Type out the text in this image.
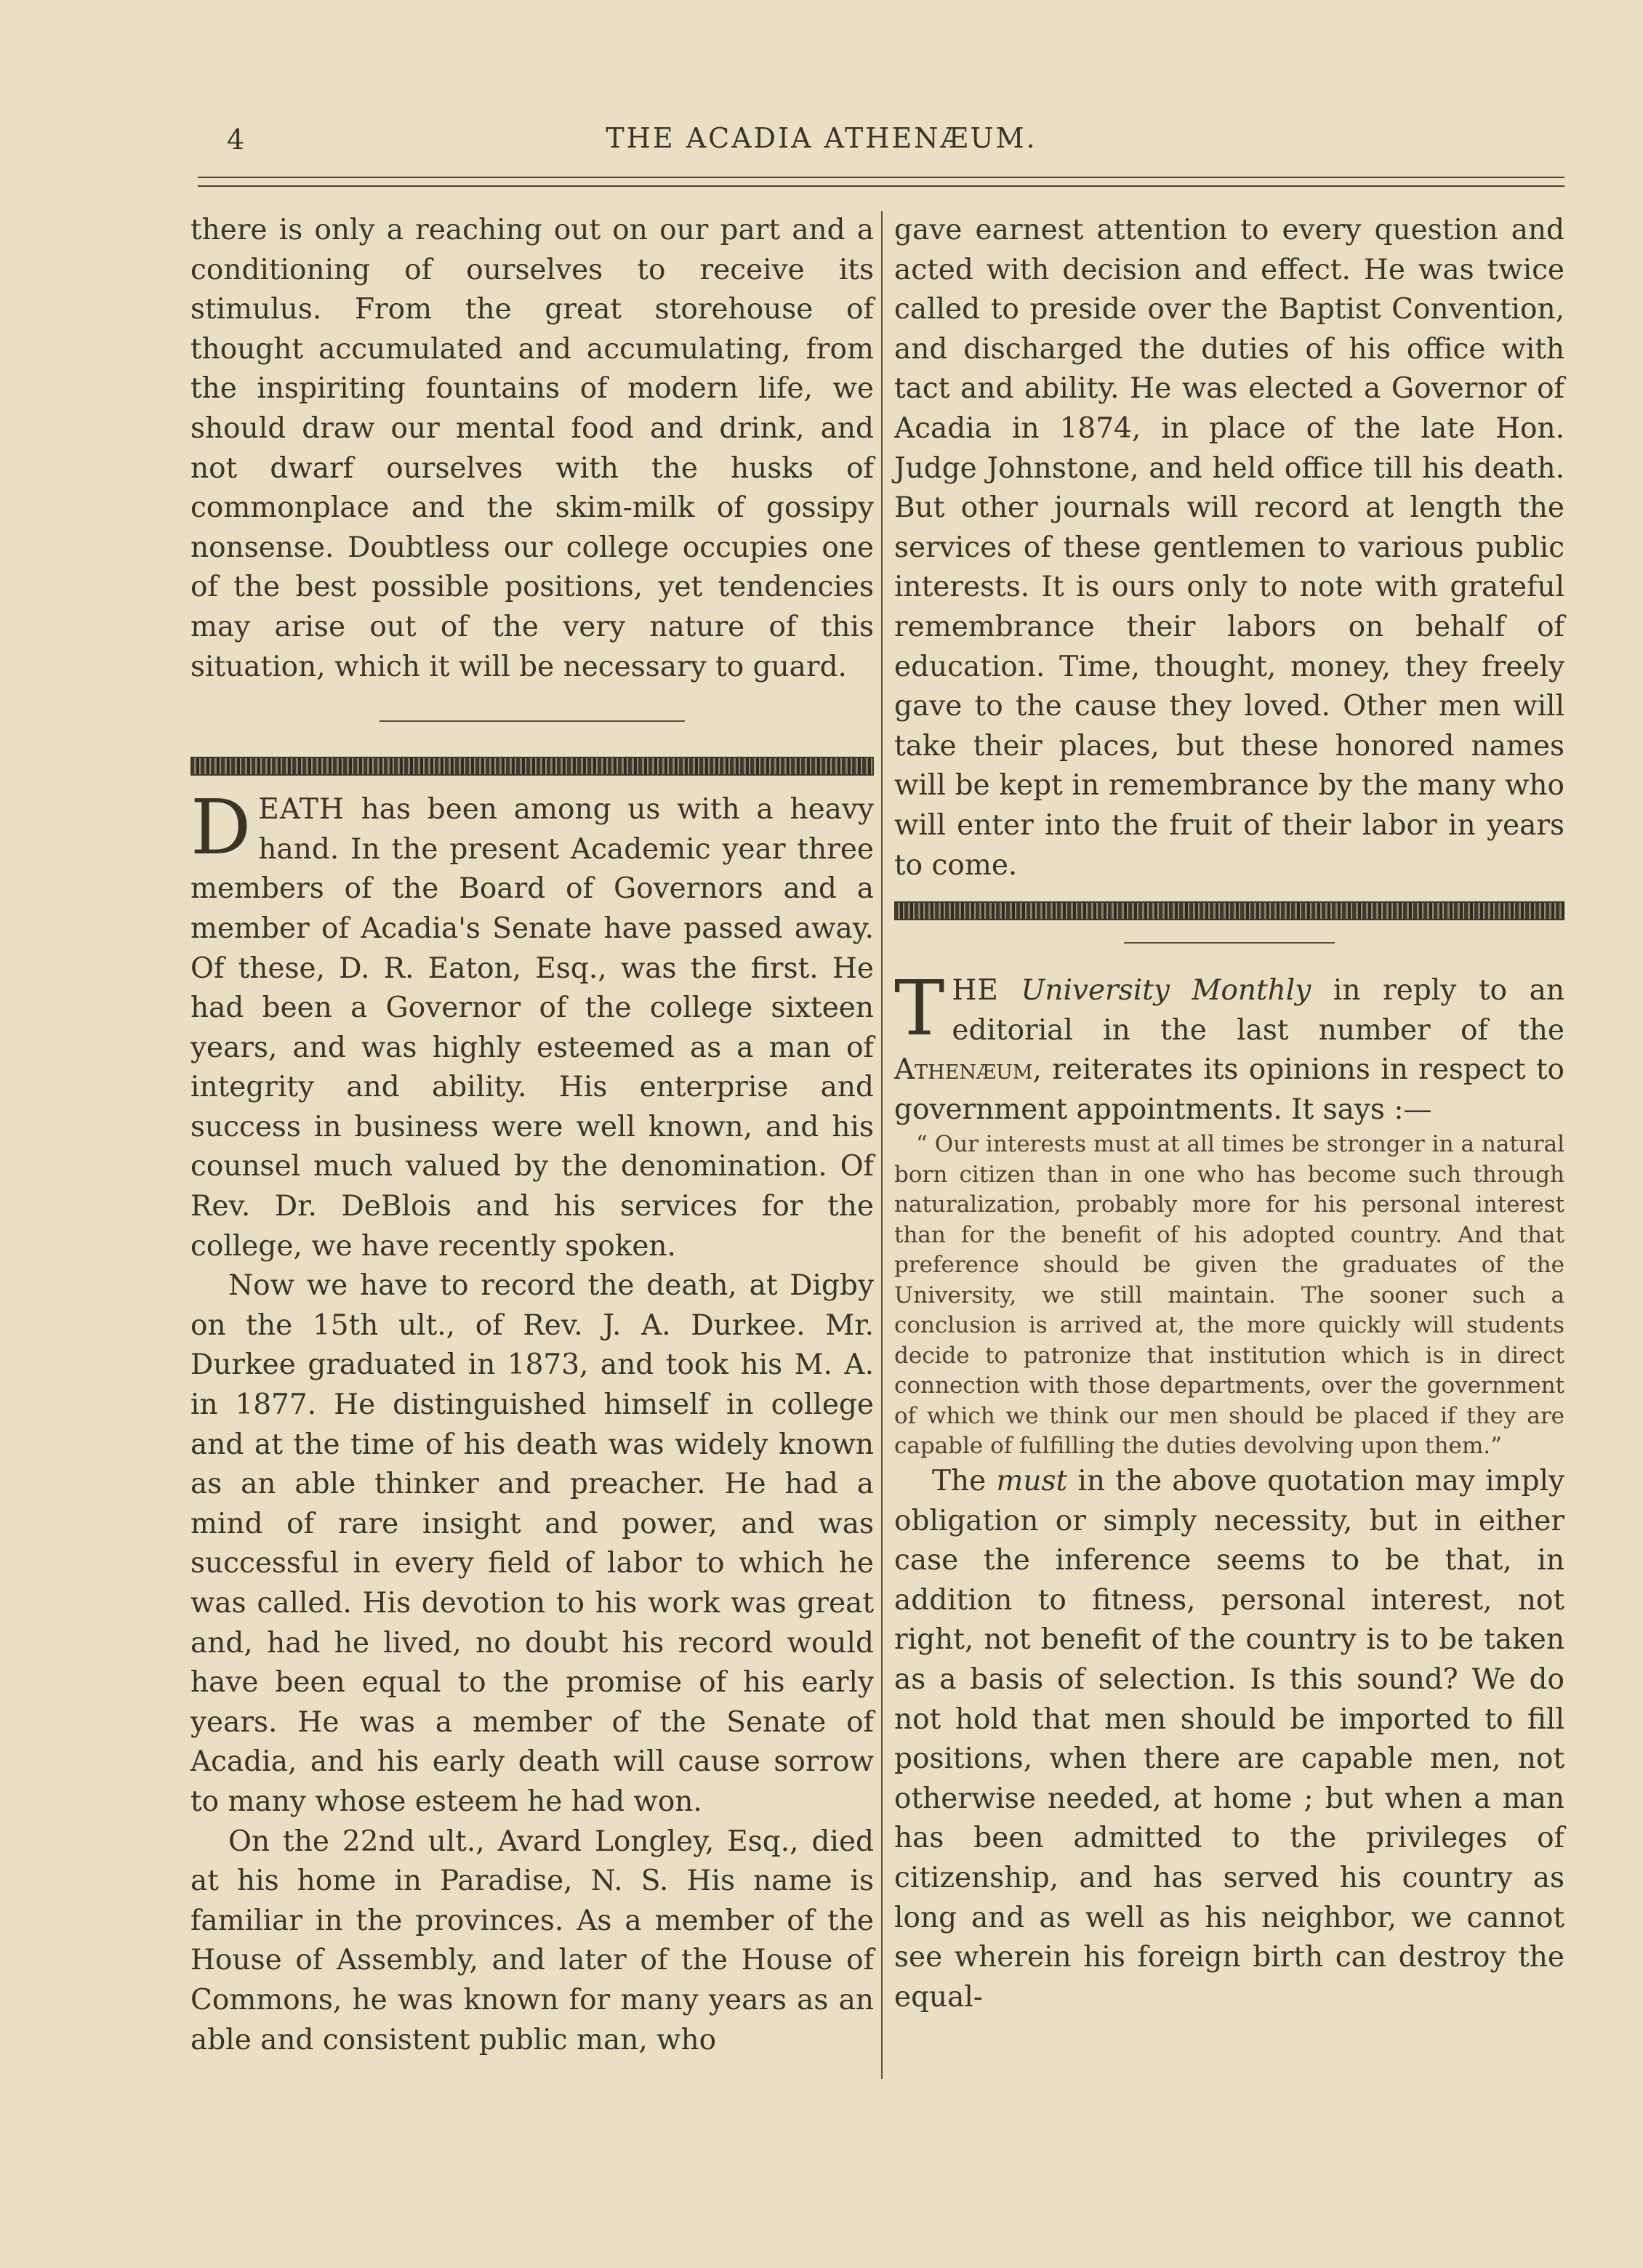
4	THE ACADIA ATHENÆUM.

there is only a reaching out on our part and a conditioning of ourselves to receive its stimulus. From the great storehouse of thought accumulated and accumulating, from the inspiriting fountains of modern life, we should draw our mental food and drink, and not dwarf ourselves with the husks of commonplace and the skim-milk of gossipy nonsense. Doubtless our college occupies one of the best possible positions, yet tendencies may arise out of the very nature of this situation, which it will be necessary to guard.

DEATH has been among us with a heavy hand. In the present Academic year three members of the Board of Governors and a member of Acadia's Senate have passed away. Of these, D. R. Eaton, Esq., was the first. He had been a Governor of the college sixteen years, and was highly esteemed as a man of integrity and ability. His enterprise and success in business were well known, and his counsel much valued by the denomination. Of Rev. Dr. DeBlois and his services for the college, we have recently spoken.

Now we have to record the death, at Digby on the 15th ult., of Rev. J. A. Durkee. Mr. Durkee graduated in 1873, and took his M. A. in 1877. He distinguished himself in college and at the time of his death was widely known as an able thinker and preacher. He had a mind of rare insight and power, and was successful in every field of labor to which he was called. His devotion to his work was great and, had he lived, no doubt his record would have been equal to the promise of his early years. He was a member of the Senate of Acadia, and his early death will cause sorrow to many whose esteem he had won.

On the 22nd ult., Avard Longley, Esq., died at his home in Paradise, N. S. His name is familiar in the provinces. As a member of the House of Assembly, and later of the House of Commons, he was known for many years as an able and consistent public man, who

gave earnest attention to every question and acted with decision and effect. He was twice called to preside over the Baptist Convention, and discharged the duties of his office with tact and ability. He was elected a Governor of Acadia in 1874, in place of the late Hon. Judge Johnstone, and held office till his death. But other journals will record at length the services of these gentlemen to various public interests. It is ours only to note with grateful remembrance their labors on behalf of education. Time, thought, money, they freely gave to the cause they loved. Other men will take their places, but these honored names will be kept in remembrance by the many who will enter into the fruit of their labor in years to come.

THE University Monthly in reply to an editorial in the last number of the Athenæum, reiterates its opinions in respect to government appointments. It says :—

“ Our interests must at all times be stronger in a natural born citizen than in one who has become such through naturalization, probably more for his personal interest than for the benefit of his adopted country. And that preference should be given the graduates of the University, we still maintain. The sooner such a conclusion is arrived at, the more quickly will students decide to patronize that institution which is in direct connection with those departments, over the government of which we think our men should be placed if they are capable of fulfilling the duties devolving upon them.”

The must in the above quotation may imply obligation or simply necessity, but in either case the inference seems to be that, in addition to fitness, personal interest, not right, not benefit of the country is to be taken as a basis of selection. Is this sound? We do not hold that men should be imported to fill positions, when there are capable men, not otherwise needed, at home ; but when a man has been admitted to the privileges of citizenship, and has served his country as long and as well as his neighbor, we cannot see wherein his foreign birth can destroy the equal-
